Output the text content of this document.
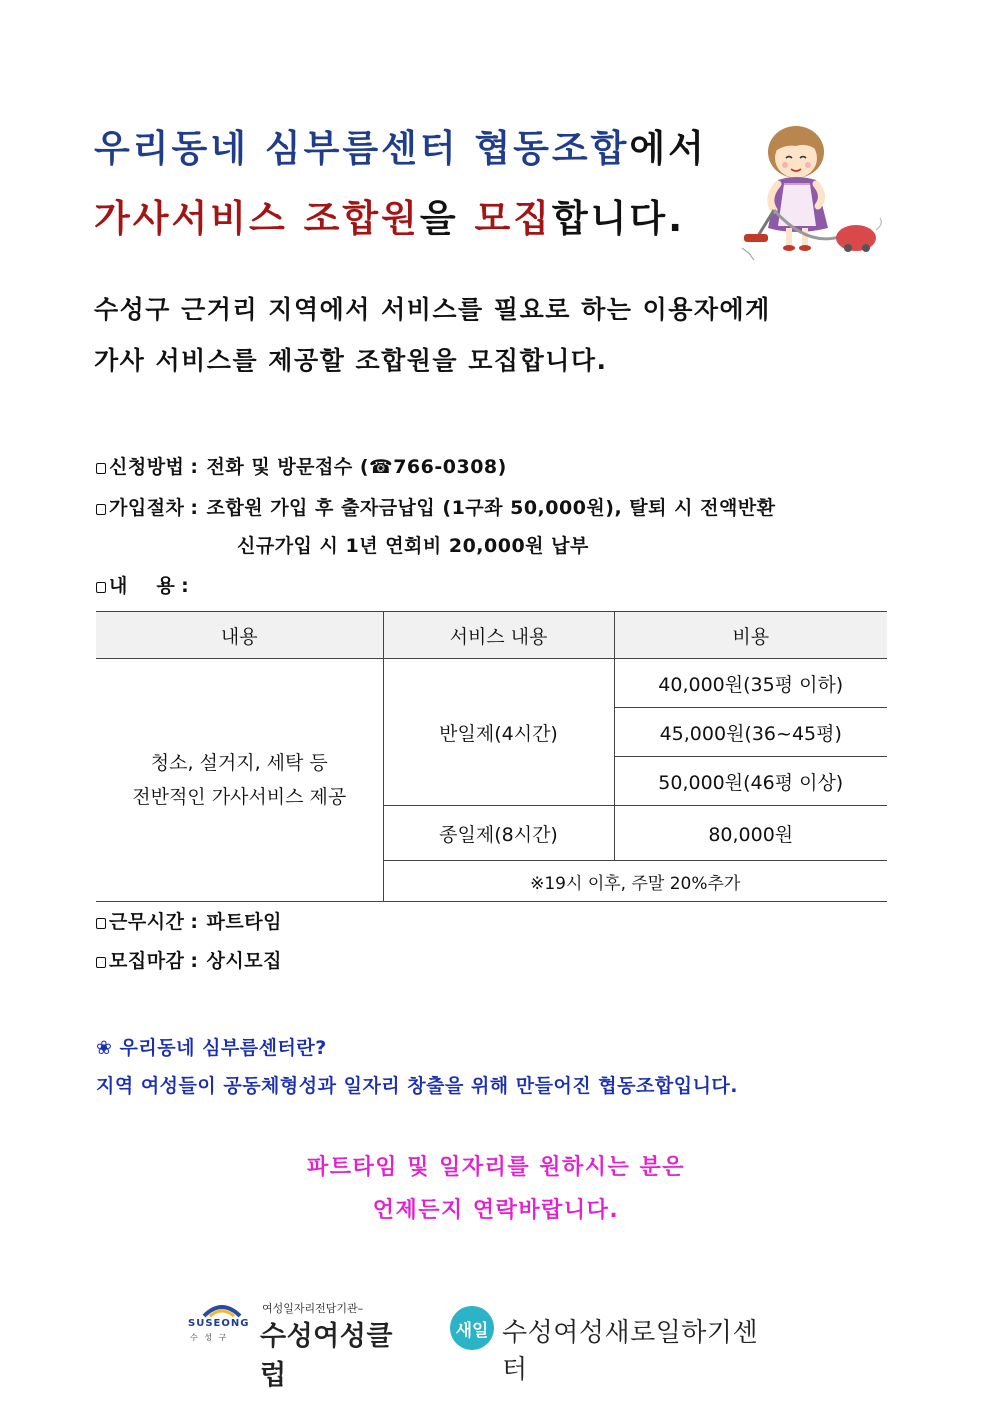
우리동네 심부름센터 협동조합에서
가사서비스 조합원을 모집합니다.
수성구 근거리 지역에서 서비스를 필요로 하는 이용자에게
가사 서비스를 제공할 조합원을 모집합니다.
신청방법 : 전화 및 방문접수 (☎766-0308)
가입절차 : 조합원 가입 후 출자금납입 (1구좌 50,000원), 탈퇴 시 전액반환
신규가입 시 1년 연회비 20,000원 납부
내    용 :
내용	서비스 내용	비용

청소, 설거지, 세탁 등
전반적인 가사서비스 제공	반일제(4시간)	40,000원(35평 이하)
		45,000원(36~45평)
		50,000원(46평 이상)
	종일제(8시간)	80,000원
	※19시 이후, 주말 20%추가	
근무시간 : 파트타임
모집마감 : 상시모집
❀ 우리동네 심부름센터란?
지역 여성들이 공동체형성과 일자리 창출을 위해 만들어진 협동조합입니다.
파트타임 및 일자리를 원하시는 분은
언제든지 연락바랍니다.
SUSEONG
수 성 구
여성일자리전담기관–
수성여성클럽
새일 수성여성새로일하기센터
